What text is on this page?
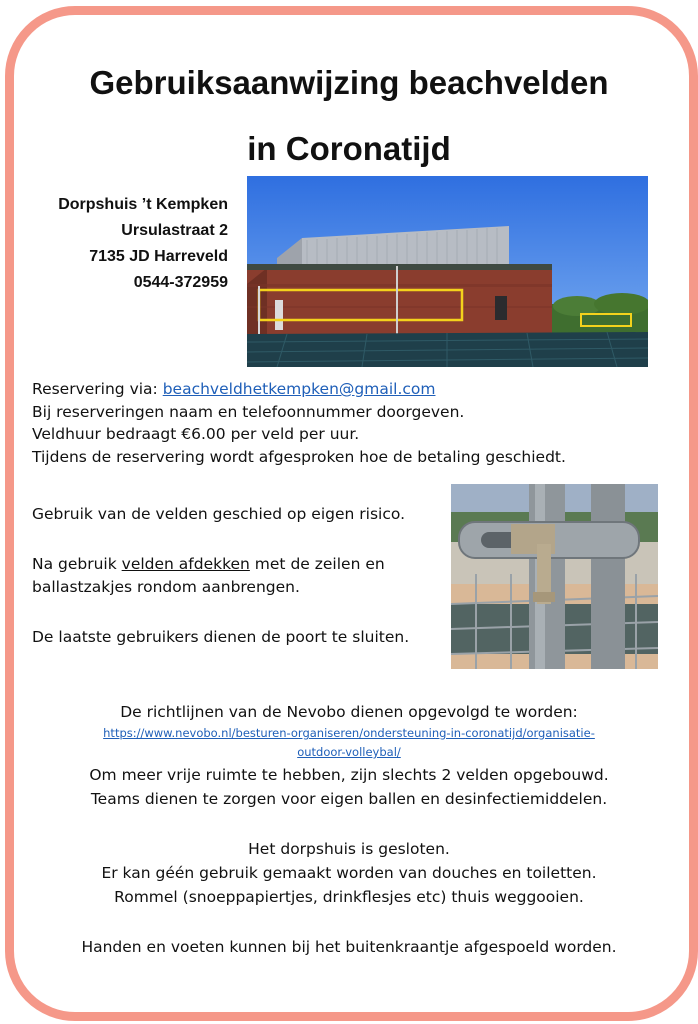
Gebruiksaanwijzing beachvelden
in Coronatijd
Dorpshuis ’t Kempken
Ursulastraat 2
7135 JD Harreveld
0544-372959
Reservering via: beachveldhetkempken@gmail.com
Bij reserveringen naam en telefoonnummer doorgeven.
Veldhuur bedraagt €6.00 per veld per uur.
Tijdens de reservering wordt afgesproken hoe de betaling geschiedt.
Gebruik van de velden geschied op eigen risico.
Na gebruik velden afdekken met de zeilen en
ballastzakjes rondom aanbrengen.
De laatste gebruikers dienen de poort te sluiten.
De richtlijnen van de Nevobo dienen opgevolgd te worden:
https://www.nevobo.nl/besturen-organiseren/ondersteuning-in-coronatijd/organisatie-
outdoor-volleybal/
Om meer vrije ruimte te hebben, zijn slechts 2 velden opgebouwd.
Teams dienen te zorgen voor eigen ballen en desinfectiemiddelen.
Het dorpshuis is gesloten.
Er kan géén gebruik gemaakt worden van douches en toiletten.
Rommel (snoeppapiertjes, drinkflesjes etc) thuis weggooien.
Handen en voeten kunnen bij het buitenkraantje afgespoeld worden.
